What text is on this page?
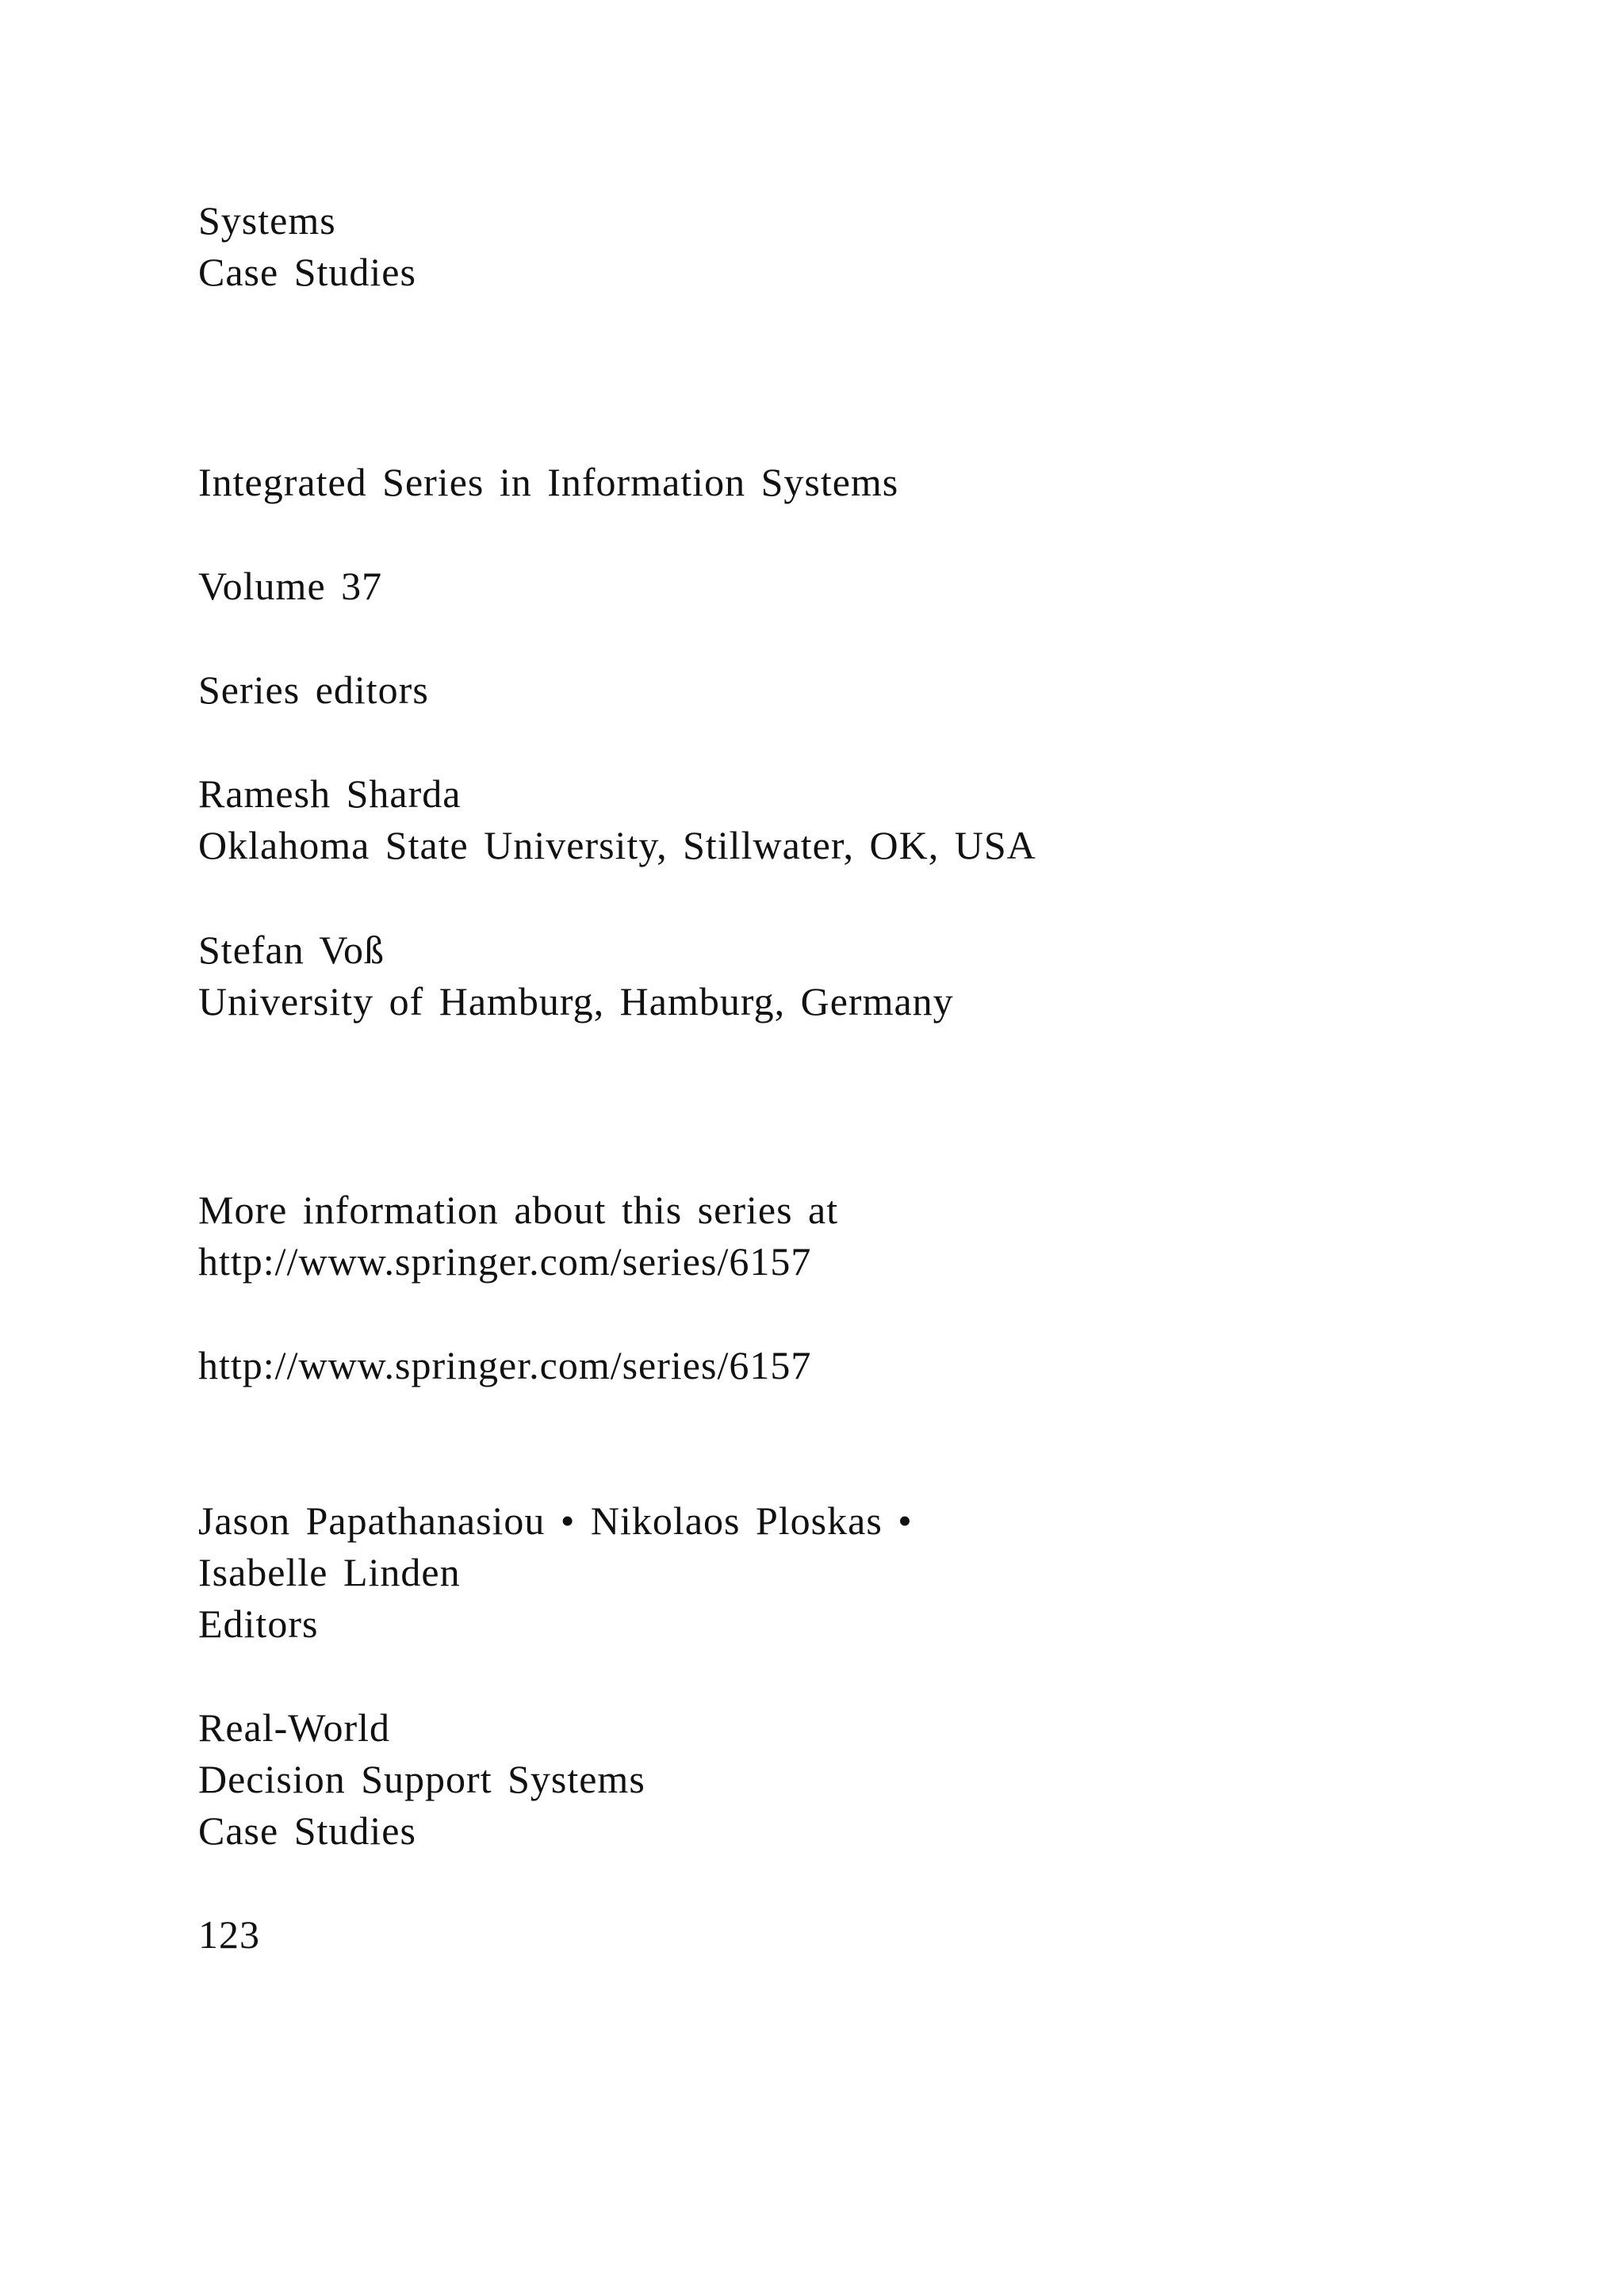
Systems
Case Studies
Integrated Series in Information Systems
Volume 37
Series editors
Ramesh Sharda
Oklahoma State University, Stillwater, OK, USA
Stefan Voß
University of Hamburg, Hamburg, Germany
More information about this series at
http://www.springer.com/series/6157
http://www.springer.com/series/6157
Jason Papathanasiou • Nikolaos Ploskas •
Isabelle Linden
Editors
Real-World
Decision Support Systems
Case Studies
123
